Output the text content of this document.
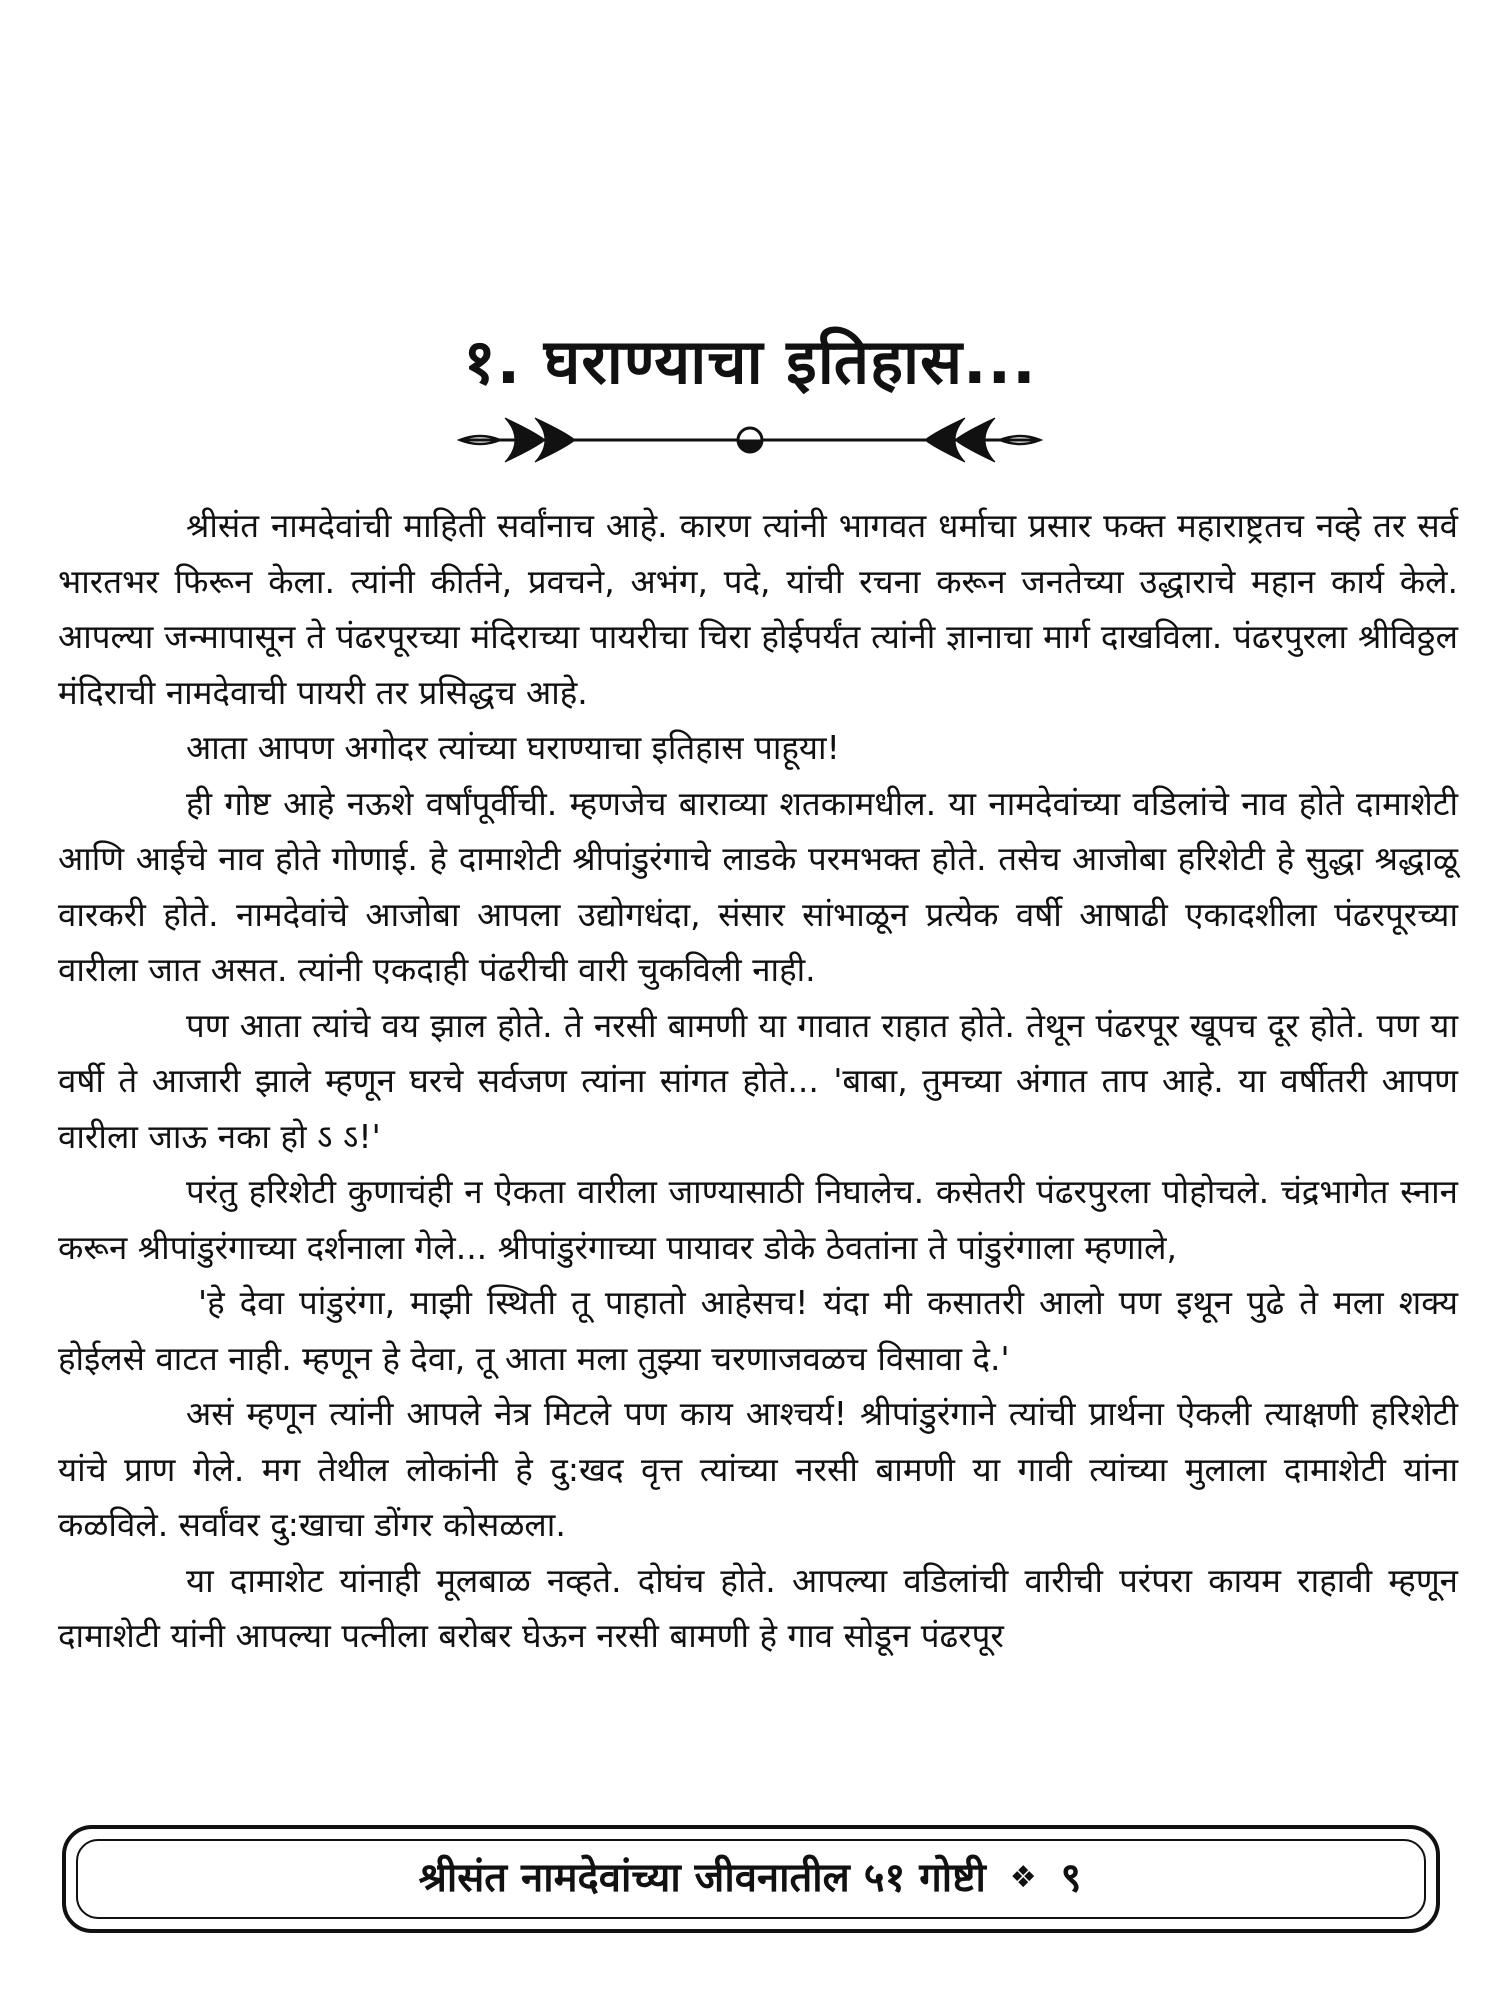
१. घराण्याचा इतिहास...

श्रीसंत नामदेवांची माहिती सर्वांनाच आहे. कारण त्यांनी भागवत धर्माचा प्रसार फक्त महाराष्ट्रतच नव्हे तर सर्व भारतभर फिरून केला. त्यांनी कीर्तने, प्रवचने, अभंग, पदे, यांची रचना करून जनतेच्या उद्धाराचे महान कार्य केले. आपल्या जन्मापासून ते पंढरपूरच्या मंदिराच्या पायरीचा चिरा होईपर्यंत त्यांनी ज्ञानाचा मार्ग दाखविला. पंढरपुरला श्रीविठ्ठल मंदिराची नामदेवाची पायरी तर प्रसिद्धच आहे.

आता आपण अगोदर त्यांच्या घराण्याचा इतिहास पाहूया!

ही गोष्ट आहे नऊशे वर्षांपूर्वीची. म्हणजेच बाराव्या शतकामधील. या नामदेवांच्या वडिलांचे नाव होते दामाशेटी आणि आईचे नाव होते गोणाई. हे दामाशेटी श्रीपांडुरंगाचे लाडके परमभक्त होते. तसेच आजोबा हरिशेटी हे सुद्धा श्रद्धाळू वारकरी होते. नामदेवांचे आजोबा आपला उद्योगधंदा, संसार सांभाळून प्रत्येक वर्षी आषाढी एकादशीला पंढरपूरच्या वारीला जात असत. त्यांनी एकदाही पंढरीची वारी चुकविली नाही.

पण आता त्यांचे वय झाल होते. ते नरसी बामणी या गावात राहात होते. तेथून पंढरपूर खूपच दूर होते. पण या वर्षी ते आजारी झाले म्हणून घरचे सर्वजण त्यांना सांगत होते... 'बाबा, तुमच्या अंगात ताप आहे. या वर्षीतरी आपण वारीला जाऊ नका हो ऽ ऽ!'

परंतु हरिशेटी कुणाचंही न ऐकता वारीला जाण्यासाठी निघालेच. कसेतरी पंढरपुरला पोहोचले. चंद्रभागेत स्नान करून श्रीपांडुरंगाच्या दर्शनाला गेले... श्रीपांडुरंगाच्या पायावर डोके ठेवतांना ते पांडुरंगाला म्हणाले,

'हे देवा पांडुरंगा, माझी स्थिती तू पाहातो आहेसच! यंदा मी कसातरी आलो पण इथून पुढे ते मला शक्य होईलसे वाटत नाही. म्हणून हे देवा, तू आता मला तुझ्या चरणाजवळच विसावा दे.'

असं म्हणून त्यांनी आपले नेत्र मिटले पण काय आश्चर्य! श्रीपांडुरंगाने त्यांची प्रार्थना ऐकली त्याक्षणी हरिशेटी यांचे प्राण गेले. मग तेथील लोकांनी हे दु:खद वृत्त त्यांच्या नरसी बामणी या गावी त्यांच्या मुलाला दामाशेटी यांना कळविले. सर्वांवर दु:खाचा डोंगर कोसळला.

या दामाशेट यांनाही मूलबाळ नव्हते. दोघंच होते. आपल्या वडिलांची वारीची परंपरा कायम राहावी म्हणून दामाशेटी यांनी आपल्या पत्नीला बरोबर घेऊन नरसी बामणी हे गाव सोडून पंढरपूर

श्रीसंत नामदेवांच्या जीवनातील ५१ गोष्टी ❖ ९
